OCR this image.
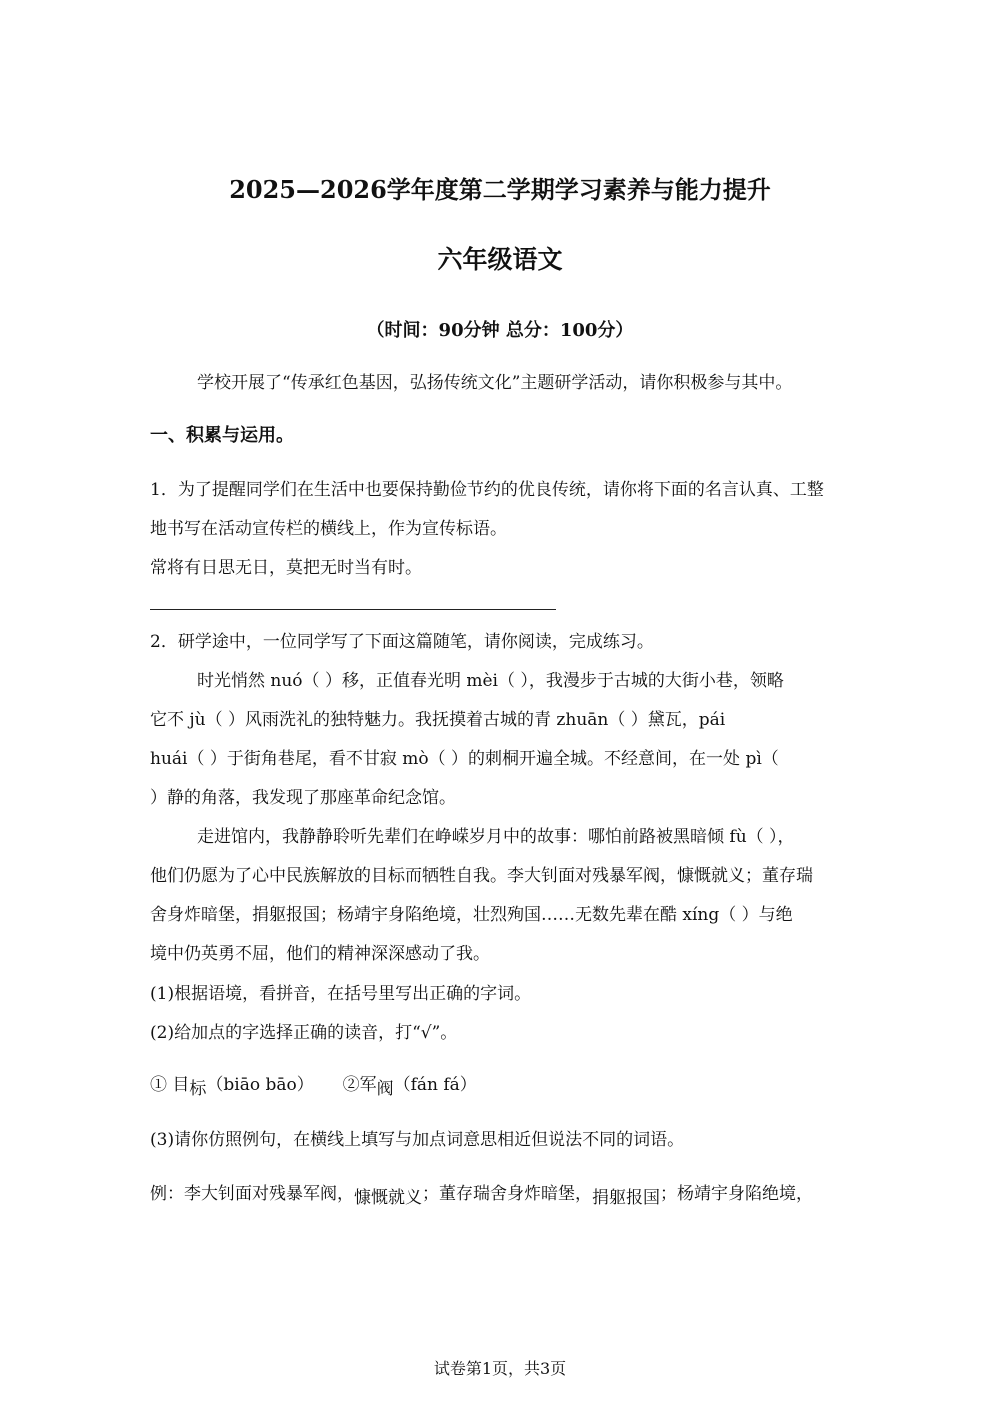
2025—2026学年度第二学期学习素养与能力提升
六年级语文
（时间：90分钟 总分：100分）
学校开展了“传承红色基因，弘扬传统文化”主题研学活动，请你积极参与其中。
一、积累与运用。
1．为了提醒同学们在生活中也要保持勤俭节约的优良传统，请你将下面的名言认真、工整
地书写在活动宣传栏的横线上，作为宣传标语。
常将有日思无日，莫把无时当有时。
2．研学途中，一位同学写了下面这篇随笔，请你阅读，完成练习。
时光悄然 nuó（ ）移，正值春光明 mèi（ ），我漫步于古城的大街小巷，领略
它不 jù（ ）风雨洗礼的独特魅力。我抚摸着古城的青 zhuān（ ）黛瓦，pái
huái（ ）于街角巷尾，看不甘寂 mò（ ）的刺桐开遍全城。不经意间，在一处 pì（
）静的角落，我发现了那座革命纪念馆。
走进馆内，我静静聆听先辈们在峥嵘岁月中的故事：哪怕前路被黑暗倾 fù（ ），
他们仍愿为了心中民族解放的目标而牺牲自我。李大钊面对残暴军阀，慷慨就义；董存瑞
舍身炸暗堡，捐躯报国；杨靖宇身陷绝境，壮烈殉国……无数先辈在酷 xíng（ ）与绝
境中仍英勇不屈，他们的精神深深感动了我。
(1)根据语境，看拼音，在括号里写出正确的字词。
(2)给加点的字选择正确的读音，打“√”。
① 目标（biāo bāo） ②军阀（fán fá）
(3)请你仿照例句，在横线上填写与加点词意思相近但说法不同的词语。
例：李大钊面对残暴军阀，慷慨就义；董存瑞舍身炸暗堡，捐躯报国；杨靖宇身陷绝境，
试卷第1页，共3页
